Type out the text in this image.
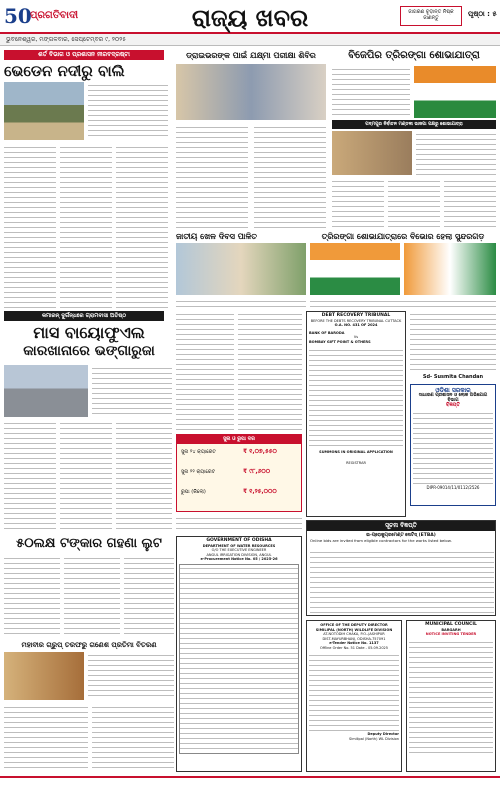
50
ପ୍ରଗତିବାଦୀ	ରାଜ୍ୟ ଖବର	ଜାଗରଣ ଚୂଡ଼ାନ୍ତ ନିଷ୍କ ଜାଣନ୍ତୁ	ପୃଷ୍ଠା : ୫
ଭୁବନେଶ୍ୱର, ମଙ୍ଗଳବାର, ସେପ୍ଟେମ୍ବର ୯, ୨୦୨୫
ଶର୍ତ ବିଭାଗ ଓ ପ୍ରଶାସନ ନୀରବଦ୍ରଷ୍ଟା
ଭେଡେନ ନଦୀରୁ ବାଲି
ଡ୍ରାଇଭରଙ୍କ ପାଇଁ ଯକ୍ଷ୍ମା ପରୀକ୍ଷା ଶିବିର	ବିଜେପିର ତ୍ରିରଙ୍ଗା ଶୋଭାଯାତ୍ରା
ପଦ୍ମପୁର ନିର୍ବାଚନ ମଣ୍ଡଳୀ ଭାଜପା ପକ୍ଷରୁ ଶୋଭାଯାତ୍ରା
ଜାତୀୟ ଖେଳ ଦିବସ ପାଳିତ	ତ୍ରିରଙ୍ଗା ଶୋଭାଯାତ୍ରାରେ ବିଭୋର ହେଲା ସୁନ୍ଦରଗଡ଼
କମାରନ୍ ଦୁର୍ଗନ୍ଧରେ ଗ୍ରାମବାସୀ ଅତିଷ୍ଠ
ମାସ ବାୟୋଫୁଏଲ
କାରଖାନାରେ ଭଙ୍ଗାରୁଜା
ସୁନା ଓ ରୁପା ଦର
ସୁନା ୨୪ କ୍ୟାରେଟ	₹ ୧,୦୭,୫୫୦
ସୁନା ୨୨ କ୍ୟାରେଟ	₹ ୯୮,୬୦୦
ରୁପା (କିଲୋ)	₹ ୧,୨୫,୦୦୦
DEBT RECOVERY TRIBUNAL
BEFORE THE DEBTS RECOVERY TRIBUNAL CUTTACK
O.A. NO. 431 OF 2024
BANK OF BARODA
Vs
BOMBAY GIFT POINT & OTHERS
SUMMONS IN ORIGINAL APPLICATION
REGISTRAR
Sd- Susmita Chandan
ଓଡ଼ିଶା ସରକାର
ସାଧାରଣ ପ୍ରଶାସନ ଓ ଲୋକ ଅଭିଯୋଗ ବିଭାଗ
ବିଜ୍ଞପ୍ତି
DIPR-09014/11/0112/2526
ସୂଚନା ବିଜ୍ଞପ୍ତି
ଇ-ପ୍ରୋକ୍ୟୁରମେଣ୍ଟ ନୋଟିସ୍ (ETBA)
Online bids are invited from eligible contractors for the works listed below.
୫୦ଲକ୍ଷ ଟଙ୍କାର ଗହଣା ଲୁଟ	GOVERNMENT OF ODISHA
DEPARTMENT OF WATER RESOURCES
O/O THE EXECUTIVE ENGINEER
ANGUL IRRIGATION DIVISION, ANGUL
e-Procurement Notice No. 05 / 2025-26
OFFICE OF THE DEPUTY DIRECTOR
SIMILIPAL (NORTH) WILDLIFE DIVISION
AT-NOTODIH CHAKA, P.O.-JASHIPUR
DIST-MAYURBHANJ, ODISHA-757091
e-Tender Notice No. 1137
Offline Order No. 51 Date - 05.09.2025
Deputy Director
Similipal (North) WL Division
MUNICIPAL COUNCIL
BARGARH
NOTICE INVITING TENDER
ମହାବୀର ଗ୍ରୁପ୍ ତରଫରୁ ଗଣେଶ ପ୍ରତିମା ବିତରଣ
